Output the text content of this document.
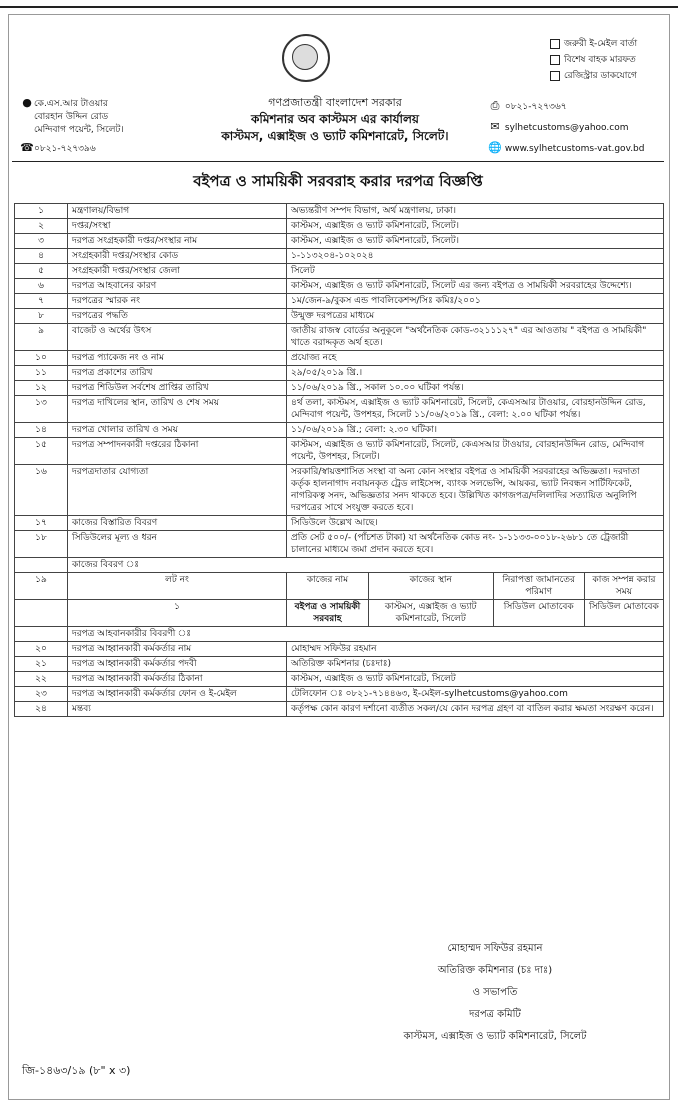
জরুরী ই-মেইল বার্তা
বিশেষ বাহক মারফত
রেজিস্ট্রার ডাকযোগে
● কে.এস.আর টাওয়ার
বোরহান উদ্দিন রোড
মেন্দিবাগ পয়েন্ট, সিলেট।
☎০৮২১-৭২৭৩৯৬
গণপ্রজাতন্ত্রী বাংলাদেশ সরকার
কমিশনার অব কাস্টমস এর কার্যালয়
কাস্টমস, এক্সাইজ ও ভ্যাট কমিশনারেট, সিলেট।
⎙ ০৮২১-৭২৭৩৬৭
✉ sylhetcustoms@yahoo.com
🌐 www.sylhetcustoms-vat.gov.bd
বইপত্র ও সাময়িকী সরবরাহ করার দরপত্র বিজ্ঞপ্তি
১	মন্ত্রণালয়/বিভাগ	অভ্যন্তরীণ সম্পদ বিভাগ, অর্থ মন্ত্রণালয়, ঢাকা।			
২	দপ্তর/সংস্থা	কাস্টমস, এক্সাইজ ও ভ্যাট কমিশনারেট, সিলেট।			
৩	দরপত্র সংগ্রহকারী দপ্তর/সংস্থার নাম	কাস্টমস, এক্সাইজ ও ভ্যাট কমিশনারেট, সিলেট।			
৪	সংগ্রহকারী দপ্তর/সংস্থার কোড	১-১১৩২০৪-১০২০২৪			
৫	সংগ্রহকারী দপ্তর/সংস্থার জেলা	সিলেট			
৬	দরপত্র আহবানের কারণ	কাস্টমস, এক্সাইজ ও ভ্যাট কমিশনারেট, সিলেট এর জন্য বইপত্র ও সাময়িকী সরবরাহের উদ্দেশ্যে।			
৭	দরপত্রের স্মারক নং	১ম/জেন-৯/বুকস এন্ড পাবলিকেশন্স/সিঃ কমিঃ/২০০১			
৮	দরপত্রের পদ্ধতি	উন্মুক্ত দরপত্রের মাধ্যমে			
৯	বাজেট ও অর্থের উৎস	জাতীয় রাজস্ব বোর্ডের অনুকূলে "অর্থনৈতিক কোড-৩২১১১২৭" এর আওতায় " বইপত্র ও সাময়িকী" খাতে বরাদ্দকৃত অর্থ হতে।			
১০	দরপত্র প্যাকেজ নং ও নাম	প্রযোজ্য নহে			
১১	দরপত্র প্রকাশের তারিখ	২৯/০৫/২০১৯ খ্রি.।			
১২	দরপত্র শিডিউল সর্বশেষ প্রাপ্তির তারিখ	১১/০৬/২০১৯ খ্রি., সকাল ১০.০০ ঘটিকা পর্যন্ত।			
১৩	দরপত্র দাখিলের স্থান, তারিখ ও শেষ সময়	৪র্থ তলা, কাস্টমস, এক্সাইজ ও ভ্যাট কমিশনারেট, সিলেট, কেএসআর টাওয়ার, বোরহানউদ্দিন রোড, মেন্দিবাগ পয়েন্ট, উপশহর, সিলেট ১১/০৬/২০১৯ খ্রি., বেলা: ২.০০ ঘটিকা পর্যন্ত।			
১৪	দরপত্র খোলার তারিখ ও সময়	১১/০৬/২০১৯ খ্রি.; বেলা: ২.৩০ ঘটিকা।			
১৫	দরপত্র সম্পাদনকারী দপ্তরের ঠিকানা	কাস্টমস, এক্সাইজ ও ভ্যাট কমিশনারেট, সিলেট, কেএসআর টাওয়ার, বোরহানউদ্দিন রোড, মেন্দিবাগ পয়েন্ট, উপশহর, সিলেট।			
১৬	দরপত্রদাতার যোগ্যতা	সরকারি/স্বায়ত্তশাসিত সংস্থা বা অন্য কোন সংস্থার বইপত্র ও সাময়িকী সরবরাহের অভিজ্ঞতা। দরদাতা কর্তৃক হালনাগাদ নবায়নকৃত ট্রেড লাইসেন্স, ব্যাংক সলভেন্সি, আয়কর, ভ্যাট নিবন্ধন সার্টিফিকেট, নাগরিকত্ব সনদ, অভিজ্ঞতার সনদ থাকতে হবে। উল্লিখিত কাগজপত্র/দলিলাদির সত্যায়িত অনুলিপি দরপত্রের সাথে সংযুক্ত করতে হবে।			
১৭	কাজের বিস্তারিত বিবরণ	সিডিউলে উল্লেখ আছে।			
১৮	সিডিউলের মূল্য ও ধরন	প্রতি সেট ৫০০/- (পাঁচশত টাকা) যা অর্থনৈতিক কোড নং- ১-১১৩৩-০০১৮-২৬৮১ তে ট্রেজারী চালানের মাধ্যমে জমা প্রদান করতে হবে।			
	কাজের বিবরণ ঃ				
১৯	লট নং	কাজের নাম	কাজের স্থান	নিরাপত্তা জামানতের পরিমাণ	কাজ সম্পন্ন করার সময়
	১	বইপত্র ও সাময়িকী সরবরাহ	কাস্টমস, এক্সাইজ ও ভ্যাট কমিশনারেট, সিলেট	সিডিউল মোতাবেক	সিডিউল মোতাবেক
	দরপত্র আহবানকারীর বিবরণী ঃ				
২০	দরপত্র আহ্বানকারী কর্মকর্তার নাম	মোহাম্মদ সফিউর রহমান			
২১	দরপত্র আহ্বানকারী কর্মকর্তার পদবী	অতিরিক্ত কমিশনার (চঃদাঃ)			
২২	দরপত্র আহ্বানকারী কর্মকর্তার ঠিকানা	কাস্টমস, এক্সাইজ ও ভ্যাট কমিশনারেট, সিলেট			
২৩	দরপত্র আহ্বানকারী কর্মকর্তার ফোন ও ই-মেইল	টেলিফোন ঃ ০৮২১-৭১৪৪৬৩, ই-মেইল-sylhetcustoms@yahoo.com			
২৪	মন্তব্য	কর্তৃপক্ষ কোন কারণ দর্শানো ব্যতীত সকল/যে কোন দরপত্র গ্রহণ বা বাতিল করার ক্ষমতা সংরক্ষণ করেন।			
মোহাম্মদ সফিউর রহমান
অতিরিক্ত কমিশনার (চঃ দাঃ)
ও সভাপতি
দরপত্র কমিটি
কাস্টমস, এক্সাইজ ও ভ্যাট কমিশনারেট, সিলেট
জি-১৪৬৩/১৯ (৮" x ৩)
